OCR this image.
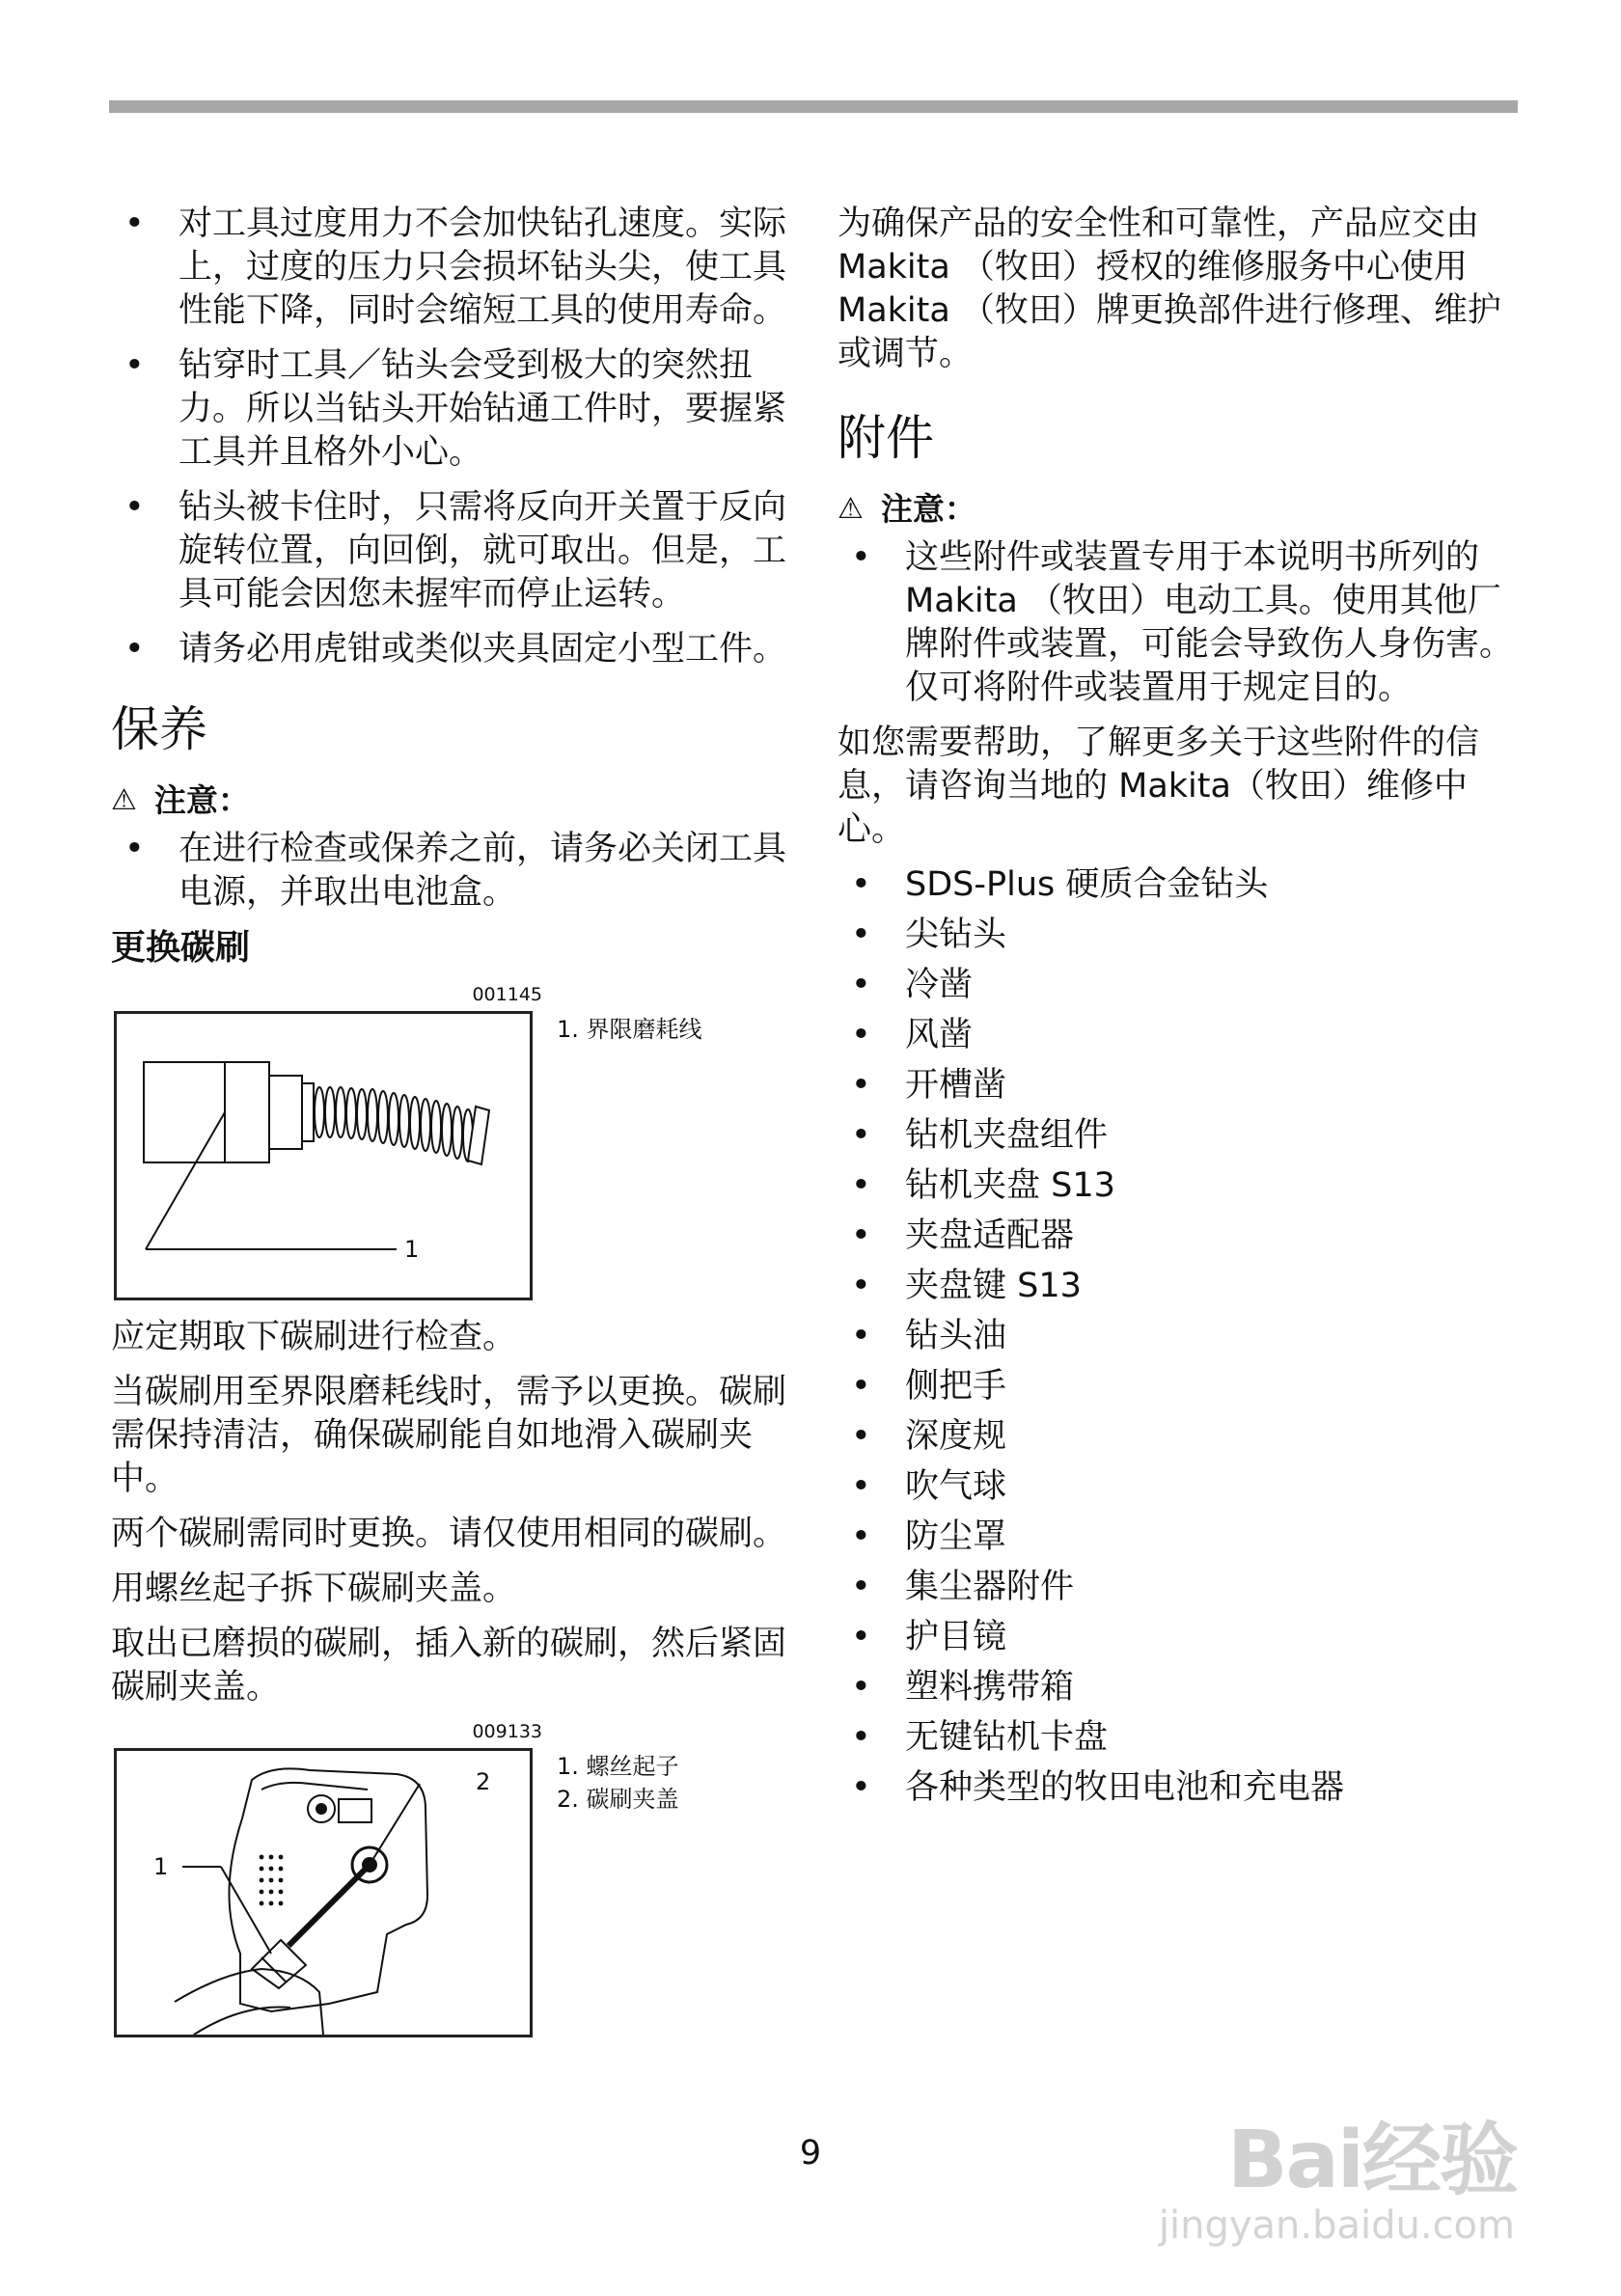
• 对工具过度用力不会加快钻孔速度。实际上，过度的压力只会损坏钻头尖，使工具性能下降，同时会缩短工具的使用寿命。
• 钻穿时工具／钻头会受到极大的突然扭力。所以当钻头开始钻通工件时，要握紧工具并且格外小心。
• 钻头被卡住时，只需将反向开关置于反向旋转位置，向回倒，就可取出。但是，工具可能会因您未握牢而停止运转。
• 请务必用虎钳或类似夹具固定小型工件。
保养
⚠ 注意：
• 在进行检查或保养之前，请务必关闭工具电源，并取出电池盒。
更换碳刷
001145
1
1. 界限磨耗线

应定期取下碳刷进行检查。

当碳刷用至界限磨耗线时，需予以更换。碳刷需保持清洁，确保碳刷能自如地滑入碳刷夹中。

两个碳刷需同时更换。请仅使用相同的碳刷。

用螺丝起子拆下碳刷夹盖。

取出已磨损的碳刷，插入新的碳刷，然后紧固碳刷夹盖。

009133
1
2
1. 螺丝起子
2. 碳刷夹盖

为确保产品的安全性和可靠性，产品应交由Makita （牧田）授权的维修服务中心使用Makita （牧田）牌更换部件进行修理、维护或调节。

附件
⚠ 注意：
• 这些附件或装置专用于本说明书所列的Makita （牧田）电动工具。使用其他厂牌附件或装置，可能会导致伤人身伤害。仅可将附件或装置用于规定目的。

如您需要帮助，了解更多关于这些附件的信息，请咨询当地的 Makita（牧田）维修中心。

• SDS-Plus 硬质合金钻头
• 尖钻头
• 冷凿
• 风凿
• 开槽凿
• 钻机夹盘组件
• 钻机夹盘 S13
• 夹盘适配器
• 夹盘键 S13
• 钻头油
• 侧把手
• 深度规
• 吹气球
• 防尘罩
• 集尘器附件
• 护目镜
• 塑料携带箱
• 无键钻机卡盘
• 各种类型的牧田电池和充电器
9	Bai经验
jingyan.baidu.com
